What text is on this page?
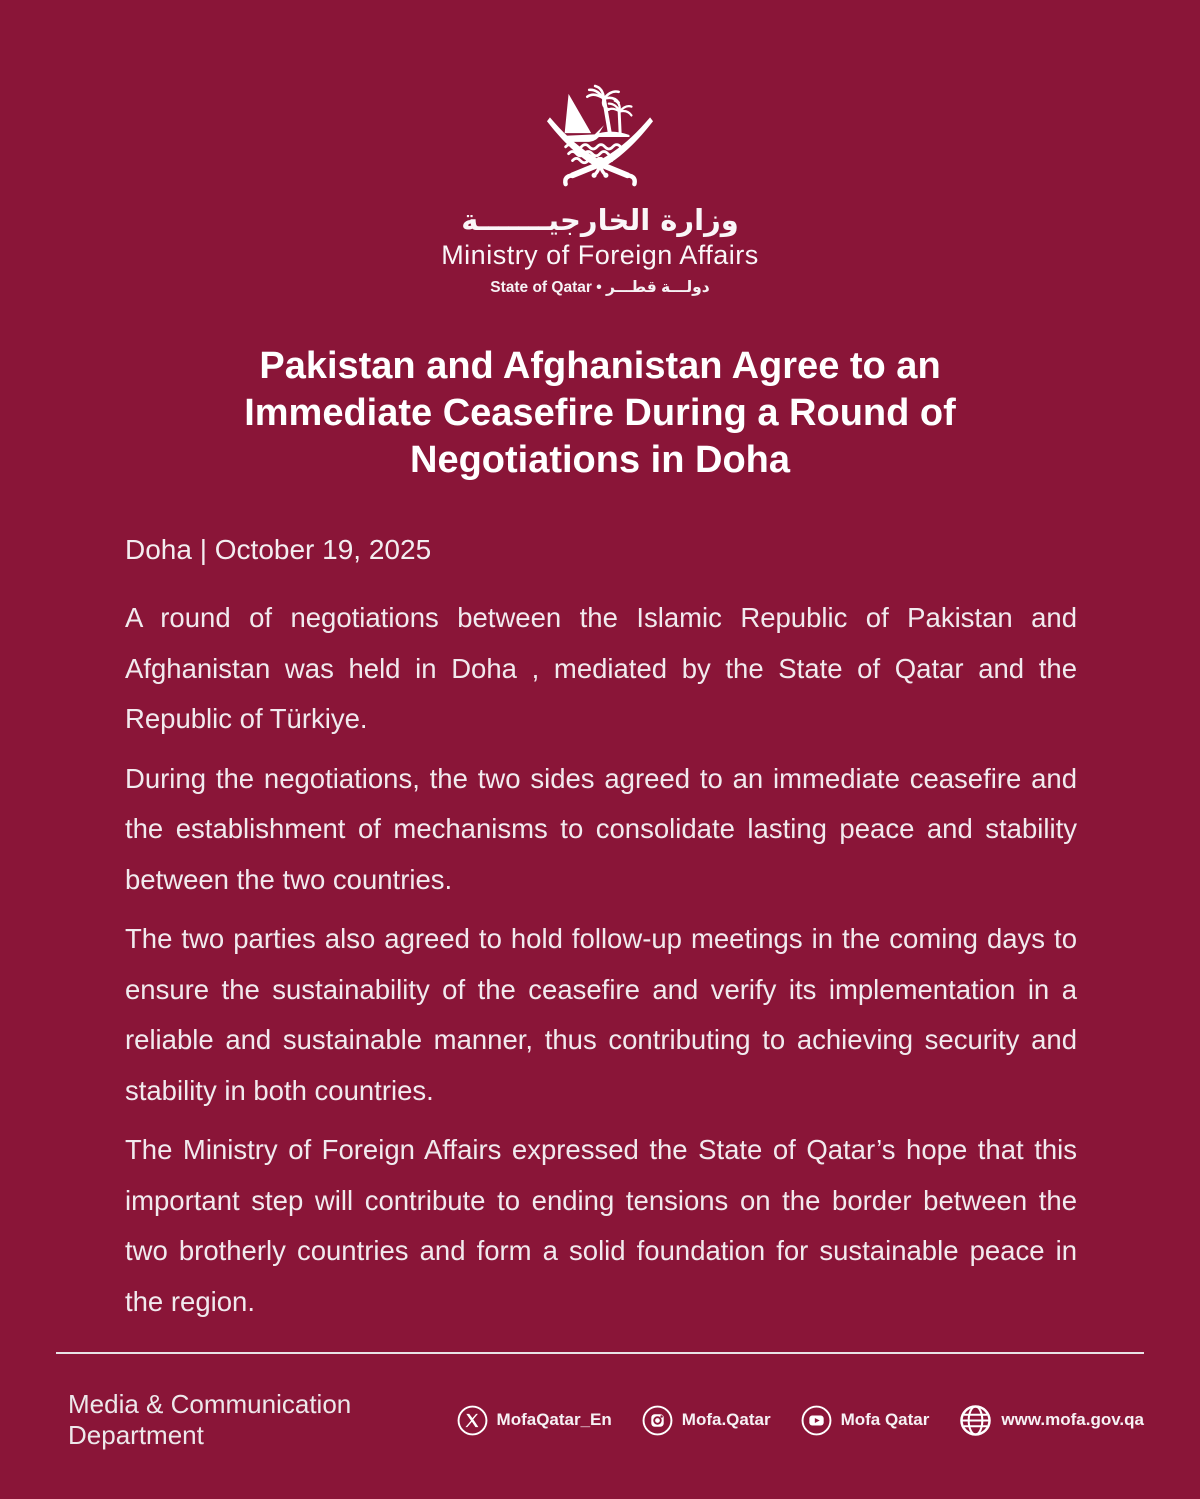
وزارة الخارجيـــــــة
Ministry of Foreign Affairs
State of Qatar • دولـــة قطـــر
Pakistan and Afghanistan Agree to an
Immediate Ceasefire During a Round of
Negotiations in Doha
Doha | October 19, 2025

A round of negotiations between the Islamic Republic of Pakistan and Afghanistan was held in Doha , mediated by the State of Qatar and the Republic of Türkiye.

During the negotiations, the two sides agreed to an immediate ceasefire and the establishment of mechanisms to consolidate lasting peace and stability between the two countries.

The two parties also agreed to hold follow-up meetings in the coming days to ensure the sustainability of the ceasefire and verify its implementation in a reliable and sustainable manner, thus contributing to achieving security and stability in both countries.

The Ministry of Foreign Affairs expressed the State of Qatar’s hope that this important step will contribute to ending tensions on the border between the two brotherly countries and form a solid foundation for sustainable peace in the region.

Media & Communication Department
MofaQatar_En	Mofa.Qatar	Mofa Qatar	www.mofa.gov.qa
